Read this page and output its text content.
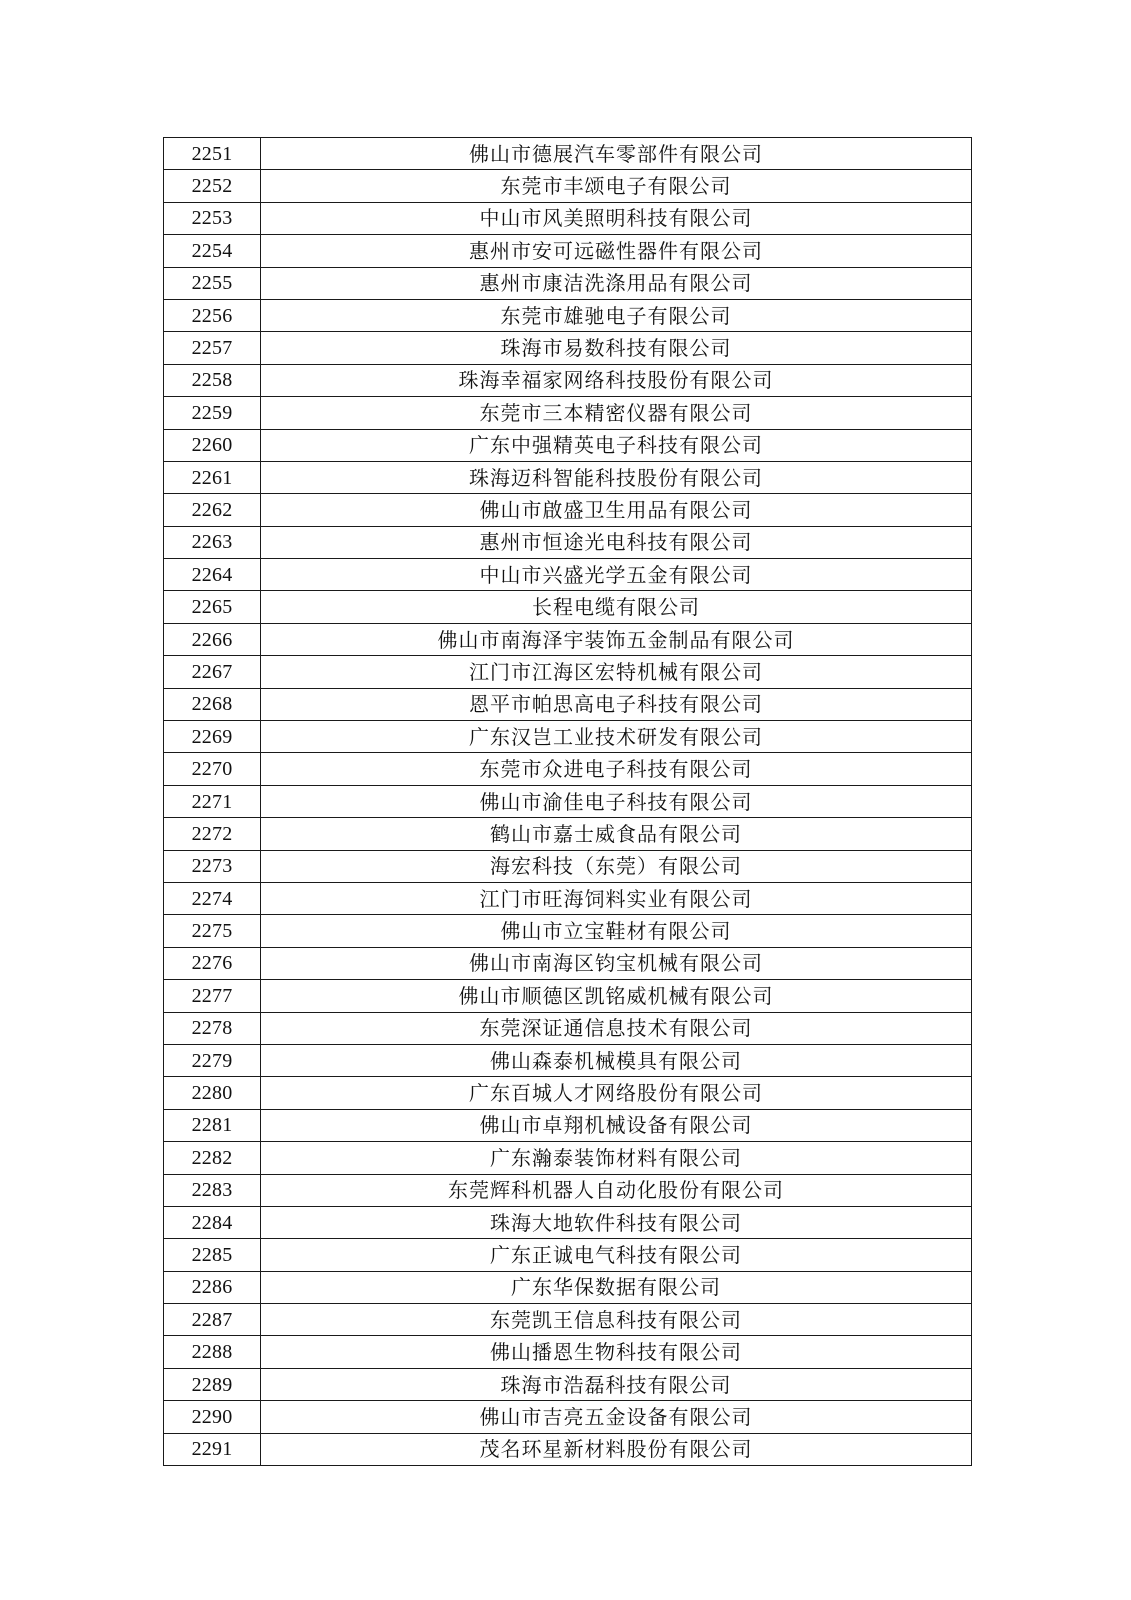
2251	佛山市德展汽车零部件有限公司
2252	东莞市丰颂电子有限公司
2253	中山市风美照明科技有限公司
2254	惠州市安可远磁性器件有限公司
2255	惠州市康洁洗涤用品有限公司
2256	东莞市雄驰电子有限公司
2257	珠海市易数科技有限公司
2258	珠海幸福家网络科技股份有限公司
2259	东莞市三本精密仪器有限公司
2260	广东中强精英电子科技有限公司
2261	珠海迈科智能科技股份有限公司
2262	佛山市啟盛卫生用品有限公司
2263	惠州市恒途光电科技有限公司
2264	中山市兴盛光学五金有限公司
2265	长程电缆有限公司
2266	佛山市南海泽宇装饰五金制品有限公司
2267	江门市江海区宏特机械有限公司
2268	恩平市帕思高电子科技有限公司
2269	广东汉岂工业技术研发有限公司
2270	东莞市众进电子科技有限公司
2271	佛山市渝佳电子科技有限公司
2272	鹤山市嘉士威食品有限公司
2273	海宏科技（东莞）有限公司
2274	江门市旺海饲料实业有限公司
2275	佛山市立宝鞋材有限公司
2276	佛山市南海区钧宝机械有限公司
2277	佛山市顺德区凯铭威机械有限公司
2278	东莞深证通信息技术有限公司
2279	佛山森泰机械模具有限公司
2280	广东百城人才网络股份有限公司
2281	佛山市卓翔机械设备有限公司
2282	广东瀚泰装饰材料有限公司
2283	东莞辉科机器人自动化股份有限公司
2284	珠海大地软件科技有限公司
2285	广东正诚电气科技有限公司
2286	广东华保数据有限公司
2287	东莞凯王信息科技有限公司
2288	佛山播恩生物科技有限公司
2289	珠海市浩磊科技有限公司
2290	佛山市吉亮五金设备有限公司
2291	茂名环星新材料股份有限公司
